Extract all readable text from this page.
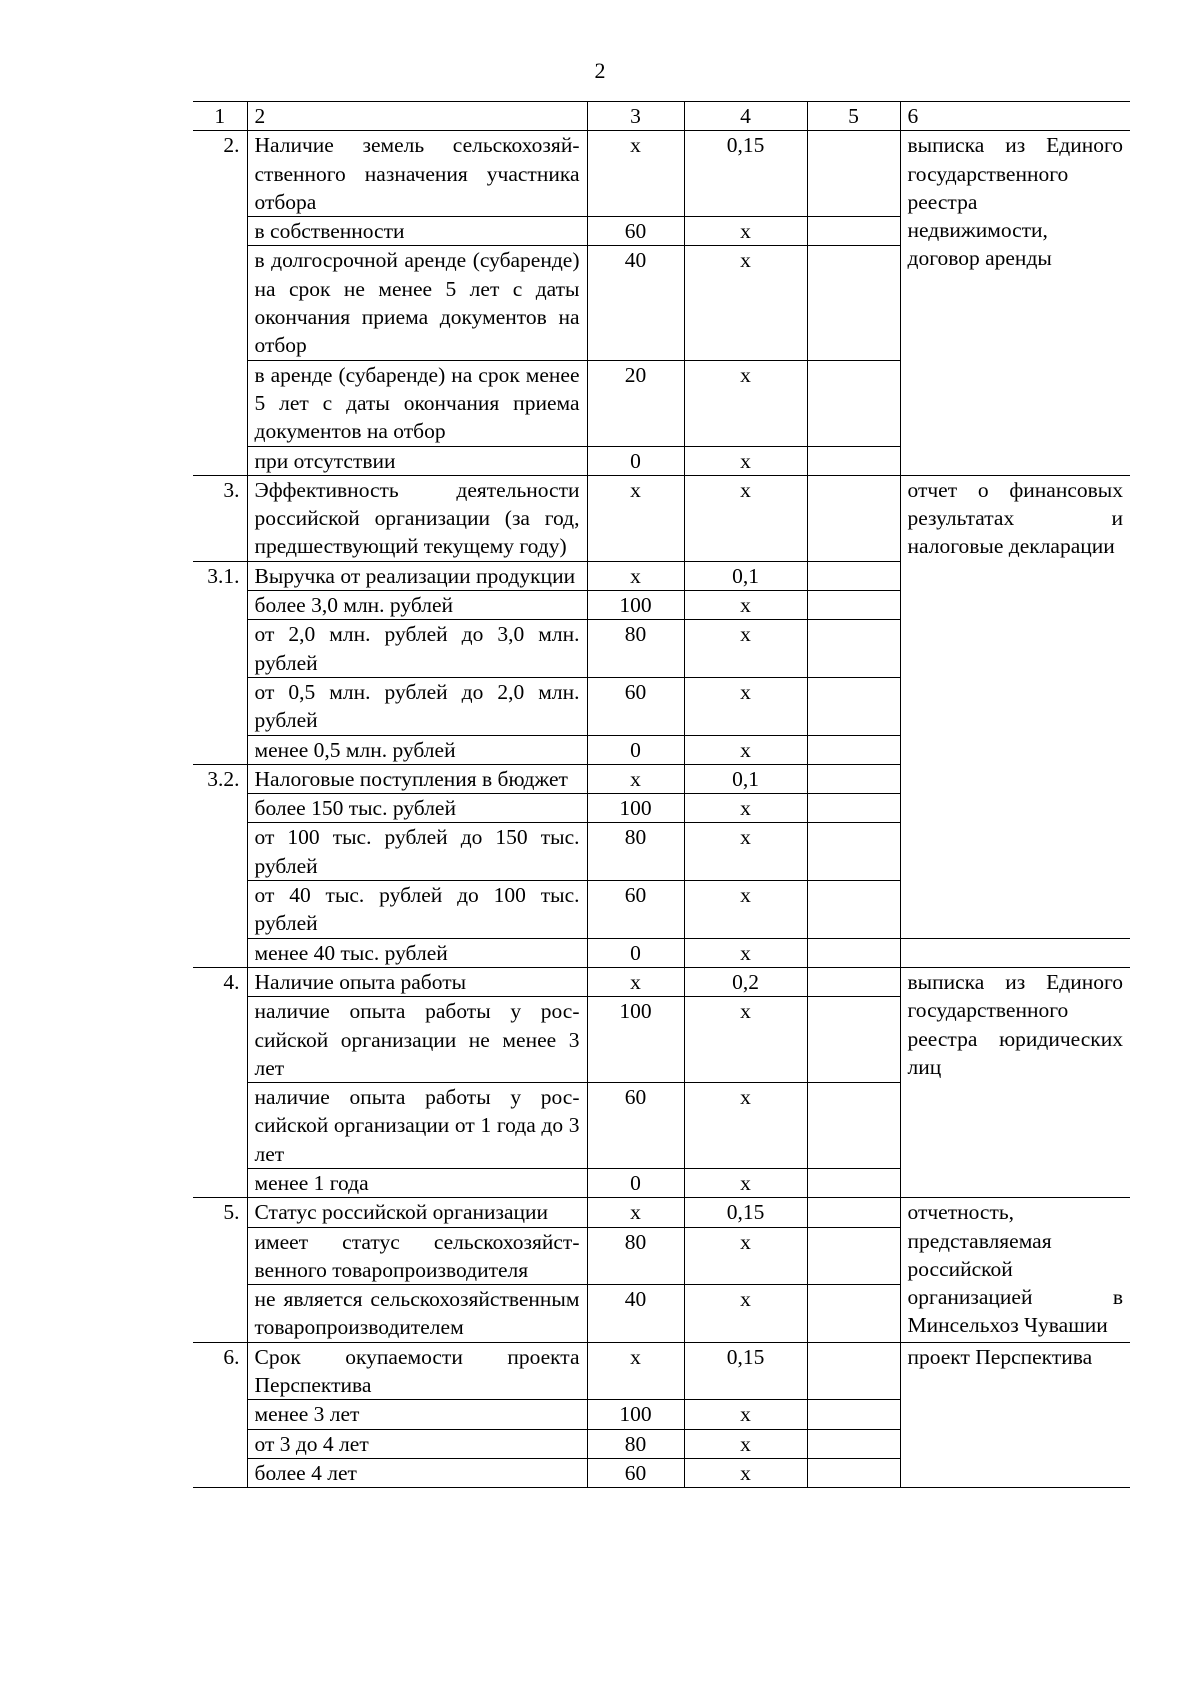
2
1	2	3	4	5	6
2.	Наличие земель сельскохозяйственного назначения участника отбора	х	0,15		выписка из Единого государственного реестра недвижимости, договор аренды
	в собственности	60	х		
	в долгосрочной аренде (субаренде) на срок не менее 5 лет с даты окончания приема документов на отбор	40	х		
	в аренде (субаренде) на срок менее 5 лет с даты окончания приема документов на отбор	20	х		
	при отсутствии	0	х		
3.	Эффективность деятельности российской организации (за год, предшествующий текущему году)	х	х		отчет о финансовых результатах и налоговые декларации
3.1.	Выручка от реализации продукции	х	0,1		
	более 3,0 млн. рублей	100	х		
	от 2,0 млн. рублей до 3,0 млн. рублей	80	х		
	от 0,5 млн. рублей до 2,0 млн. рублей	60	х		
	менее 0,5 млн. рублей	0	х		
3.2.	Налоговые поступления в бюджет	х	0,1		
	более 150 тыс. рублей	100	х		
	от 100 тыс. рублей до 150 тыс. рублей	80	х		
	от 40 тыс. рублей до 100 тыс. рублей	60	х		
	менее 40 тыс. рублей	0	х		
4.	Наличие опыта работы	х	0,2		выписка из Единого государственного реестра юридических лиц
	наличие опыта работы у российской организации не менее 3 лет	100	х		
	наличие опыта работы у российской организации от 1 года до 3 лет	60	х		
	менее 1 года	0	х		
5.	Статус российской организации	х	0,15		отчетность, представляемая российской организацией в Минсельхоз Чувашии
	имеет статус сельскохозяйственного товаропроизводителя	80	х		
	не является сельскохозяйственным товаропроизводителем	40	х		
6.	Срок окупаемости проекта Перспектива	х	0,15		проект Перспектива
	менее 3 лет	100	х		
	от 3 до 4 лет	80	х		
	более 4 лет	60	х		
